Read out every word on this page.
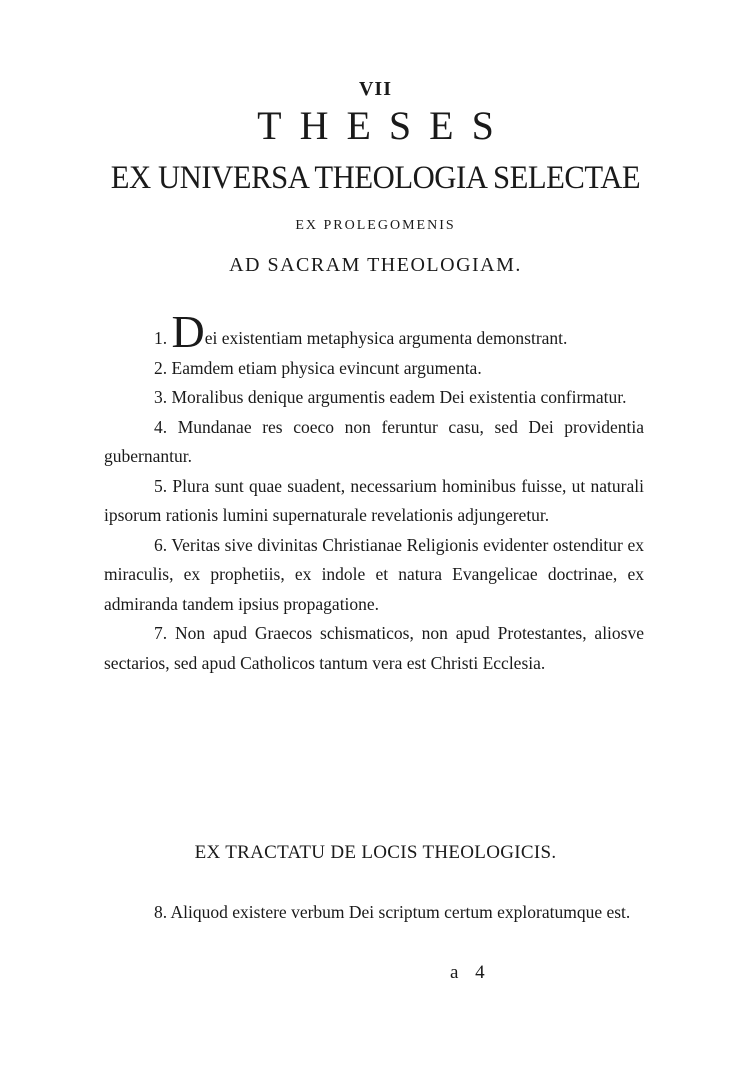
VII
THESES
EX UNIVERSA THEOLOGIA SELECTAE
EX PROLEGOMENIS
AD SACRAM THEOLOGIAM.

1. Dei existentiam metaphysica argumenta demonstrant.

2. Eamdem etiam physica evincunt argumenta.

3. Moralibus denique argumentis eadem Dei existentia confirmatur.

4. Mundanae res coeco non feruntur casu, sed Dei providentia gubernantur.

5. Plura sunt quae suadent, necessarium hominibus fuisse, ut naturali ipsorum rationis lumini supernaturale revelationis adjungeretur.

6. Veritas sive divinitas Christianae Religionis evidenter ostenditur ex miraculis, ex prophetiis, ex indole et natura Evangelicae doctrinae, ex admiranda tandem ipsius propagatione.

7. Non apud Graecos schismaticos, non apud Protestantes, aliosve sectarios, sed apud Catholicos tantum vera est Christi Ecclesia.

EX TRACTATU DE LOCIS THEOLOGICIS.

8. Aliquod existere verbum Dei scriptum certum exploratumque est.

a 4
